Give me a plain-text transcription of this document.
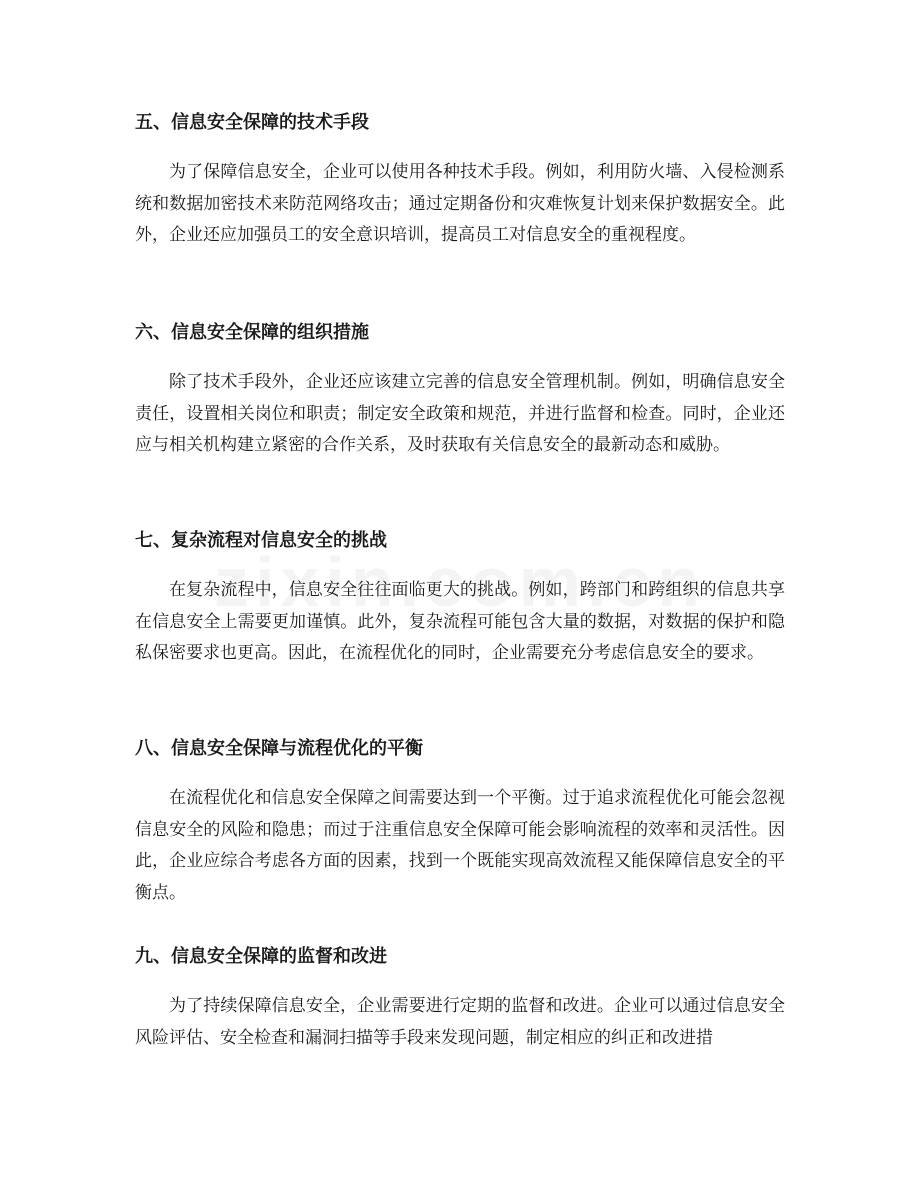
五、信息安全保障的技术手段

为了保障信息安全，企业可以使用各种技术手段。例如，利用防火墙、入侵检测系统和数据加密技术来防范网络攻击；通过定期备份和灾难恢复计划来保护数据安全。此外，企业还应加强员工的安全意识培训，提高员工对信息安全的重视程度。

六、信息安全保障的组织措施

除了技术手段外，企业还应该建立完善的信息安全管理机制。例如，明确信息安全责任，设置相关岗位和职责；制定安全政策和规范，并进行监督和检查。同时，企业还应与相关机构建立紧密的合作关系，及时获取有关信息安全的最新动态和威胁。

七、复杂流程对信息安全的挑战

在复杂流程中，信息安全往往面临更大的挑战。例如，跨部门和跨组织的信息共享在信息安全上需要更加谨慎。此外，复杂流程可能包含大量的数据，对数据的保护和隐私保密要求也更高。因此，在流程优化的同时，企业需要充分考虑信息安全的要求。

八、信息安全保障与流程优化的平衡

在流程优化和信息安全保障之间需要达到一个平衡。过于追求流程优化可能会忽视信息安全的风险和隐患；而过于注重信息安全保障可能会影响流程的效率和灵活性。因此，企业应综合考虑各方面的因素，找到一个既能实现高效流程又能保障信息安全的平衡点。

九、信息安全保障的监督和改进

为了持续保障信息安全，企业需要进行定期的监督和改进。企业可以通过信息安全风险评估、安全检查和漏洞扫描等手段来发现问题，制定相应的纠正和改进措
